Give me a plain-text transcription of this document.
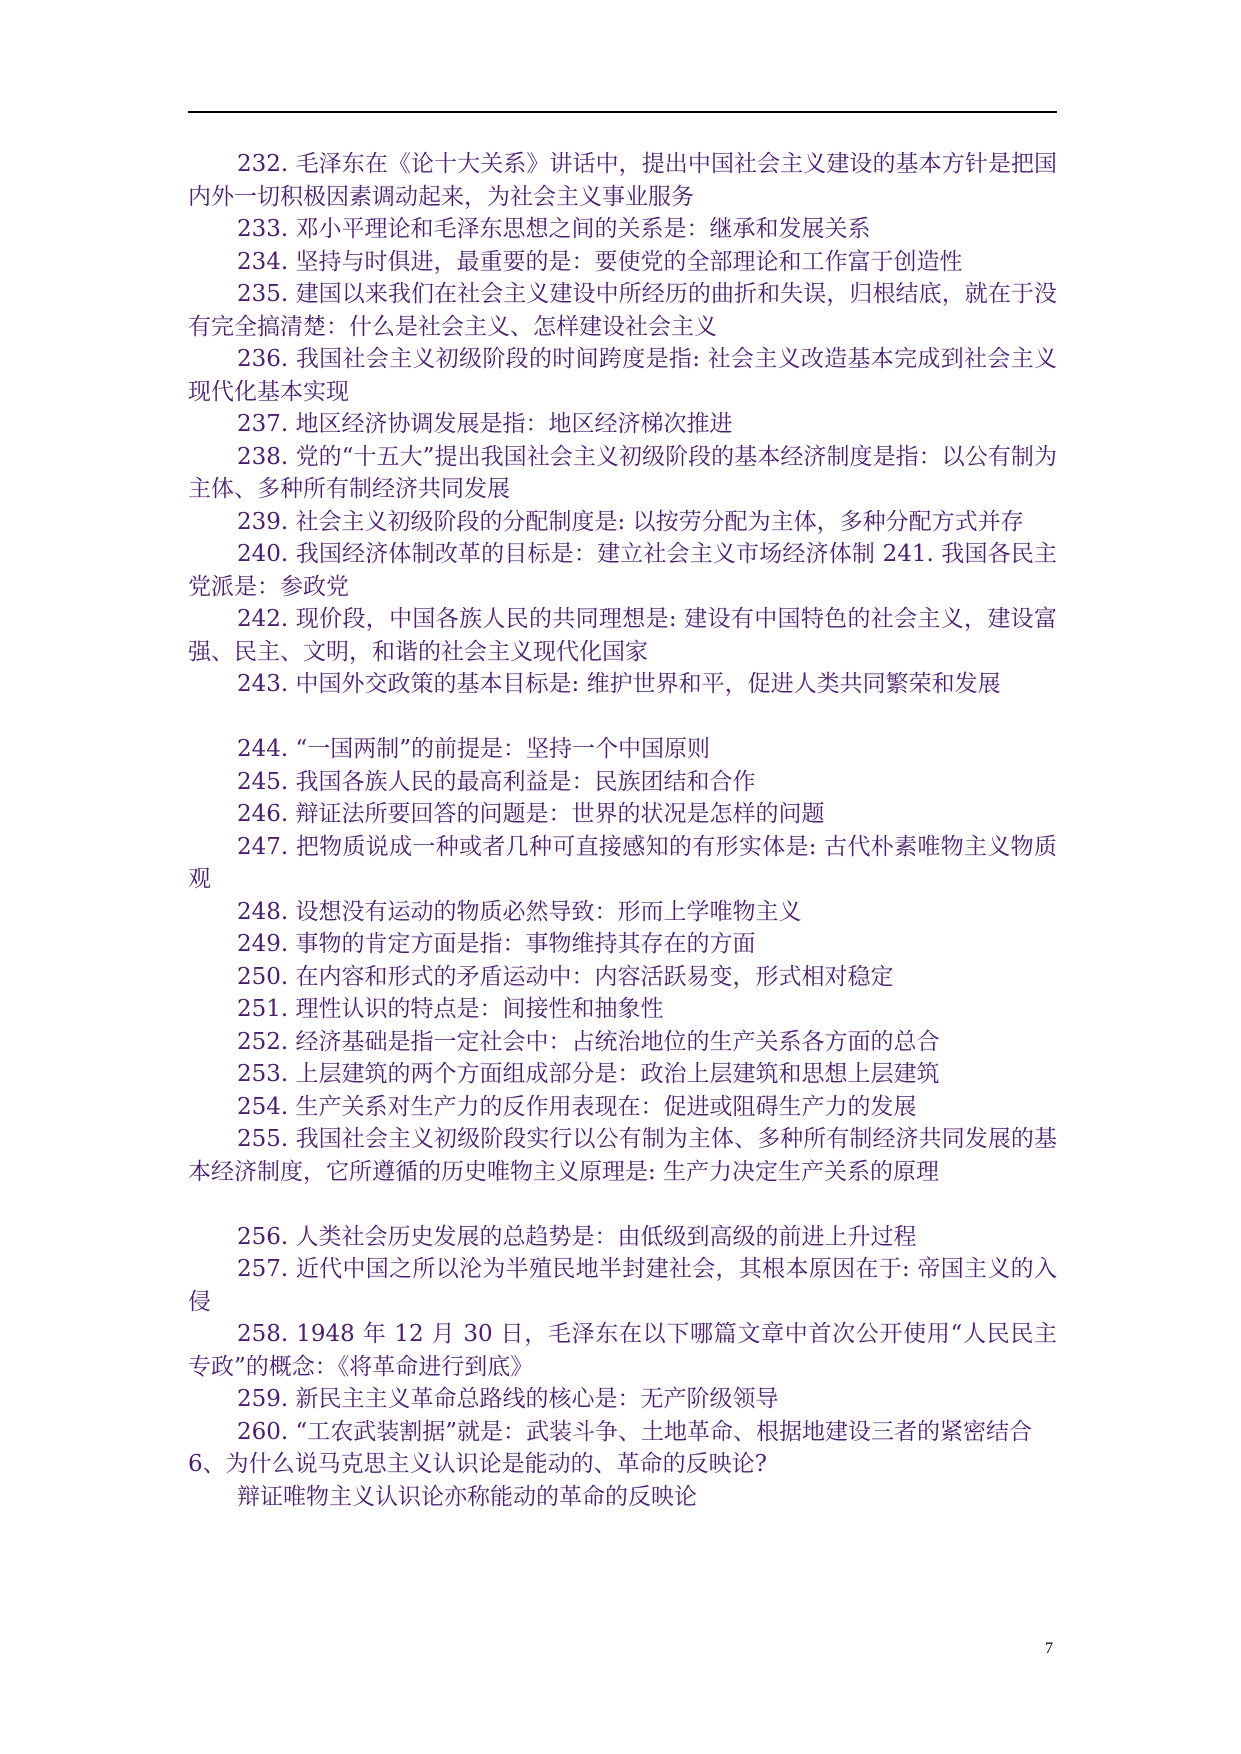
232. 毛泽东在《论十大关系》讲话中，提出中国社会主义建设的基本方针是把国内外一切积极因素调动起来，为社会主义事业服务

233. 邓小平理论和毛泽东思想之间的关系是：继承和发展关系

234. 坚持与时俱进，最重要的是：要使党的全部理论和工作富于创造性

235. 建国以来我们在社会主义建设中所经历的曲折和失误，归根结底，就在于没有完全搞清楚：什么是社会主义、怎样建设社会主义

236. 我国社会主义初级阶段的时间跨度是指: 社会主义改造基本完成到社会主义现代化基本实现

237. 地区经济协调发展是指：地区经济梯次推进

238. 党的“十五大”提出我国社会主义初级阶段的基本经济制度是指：以公有制为主体、多种所有制经济共同发展

239. 社会主义初级阶段的分配制度是: 以按劳分配为主体，多种分配方式并存

240. 我国经济体制改革的目标是：建立社会主义市场经济体制 241. 我国各民主党派是：参政党

242. 现价段，中国各族人民的共同理想是: 建设有中国特色的社会主义，建设富强、民主、文明，和谐的社会主义现代化国家

243. 中国外交政策的基本目标是: 维护世界和平，促进人类共同繁荣和发展

244. “一国两制”的前提是：坚持一个中国原则

245. 我国各族人民的最高利益是：民族团结和合作

246. 辩证法所要回答的问题是：世界的状况是怎样的问题

247. 把物质说成一种或者几种可直接感知的有形实体是: 古代朴素唯物主义物质观

248. 设想没有运动的物质必然导致：形而上学唯物主义

249. 事物的肯定方面是指：事物维持其存在的方面

250. 在内容和形式的矛盾运动中：内容活跃易变，形式相对稳定

251. 理性认识的特点是：间接性和抽象性

252. 经济基础是指一定社会中：占统治地位的生产关系各方面的总合

253. 上层建筑的两个方面组成部分是：政治上层建筑和思想上层建筑

254. 生产关系对生产力的反作用表现在：促进或阻碍生产力的发展

255. 我国社会主义初级阶段实行以公有制为主体、多种所有制经济共同发展的基本经济制度，它所遵循的历史唯物主义原理是: 生产力决定生产关系的原理

256. 人类社会历史发展的总趋势是：由低级到高级的前进上升过程

257. 近代中国之所以沦为半殖民地半封建社会，其根本原因在于: 帝国主义的入侵

258. 1948 年 12 月 30 日，毛泽东在以下哪篇文章中首次公开使用“人民民主专政”的概念：《将革命进行到底》

259. 新民主主义革命总路线的核心是：无产阶级领导

260. “工农武装割据”就是：武装斗争、土地革命、根据地建设三者的紧密结合

6、为什么说马克思主义认识论是能动的、革命的反映论?

辩证唯物主义认识论亦称能动的革命的反映论

7
